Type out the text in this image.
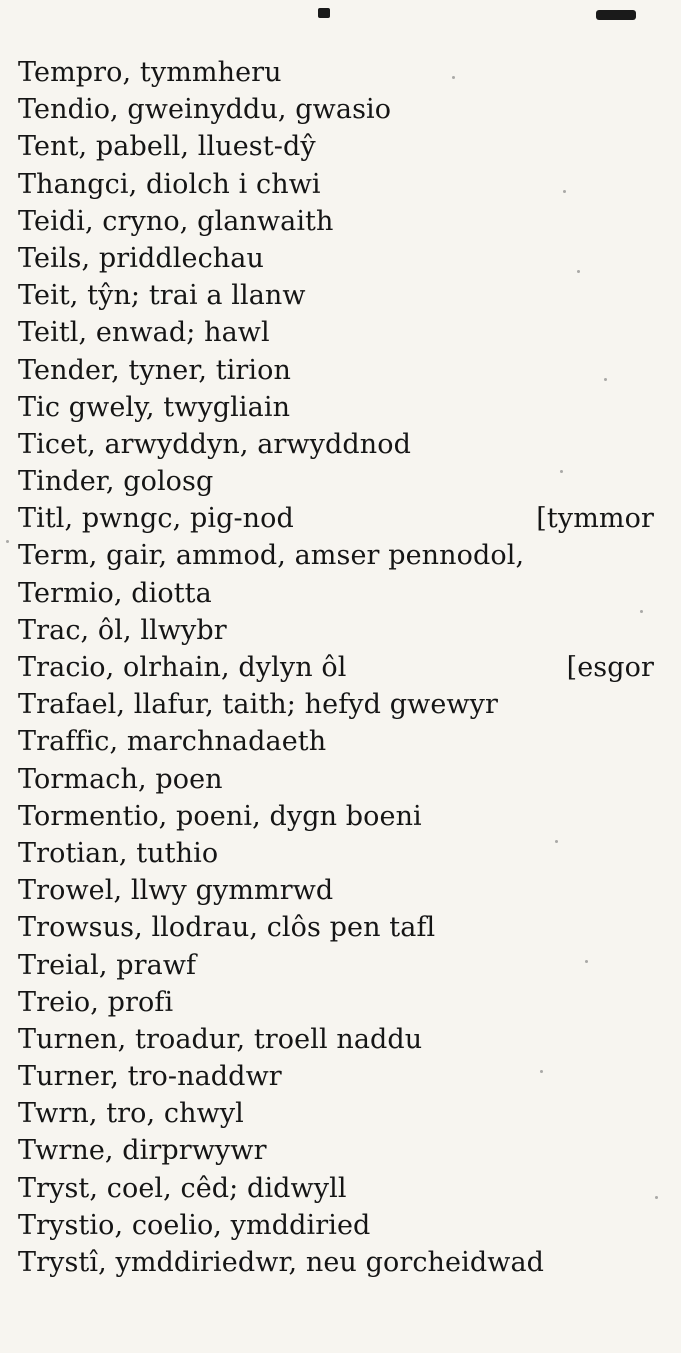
Tempro, tymmheru
Tendio, gweinyddu, gwasio
Tent, pabell, lluest-dŷ
Thangci, diolch i chwi
Teidi, cryno, glanwaith
Teils, priddlechau
Teit, tŷn; trai a llanw
Teitl, enwad; hawl
Tender, tyner, tirion
Tic gwely, twygliain
Ticet, arwyddyn, arwyddnod
Tinder, golosg
Titl, pwngc, pig-nod	[tymmor
Term, gair, ammod, amser pennodol,
Termio, diotta
Trac, ôl, llwybr
Tracio, olrhain, dylyn ôl	[esgor
Trafael, llafur, taith; hefyd gwewyr
Traffic, marchnadaeth
Tormach, poen
Tormentio, poeni, dygn boeni
Trotian, tuthio
Trowel, llwy gymmrwd
Trowsus, llodrau, clôs pen tafl
Treial, prawf
Treio, profi
Turnen, troadur, troell naddu
Turner, tro-naddwr
Twrn, tro, chwyl
Twrne, dirprwywr
Tryst, coel, cêd; didwyll
Trystio, coelio, ymddiried
Trystî, ymddiriedwr, neu gorcheidwad
